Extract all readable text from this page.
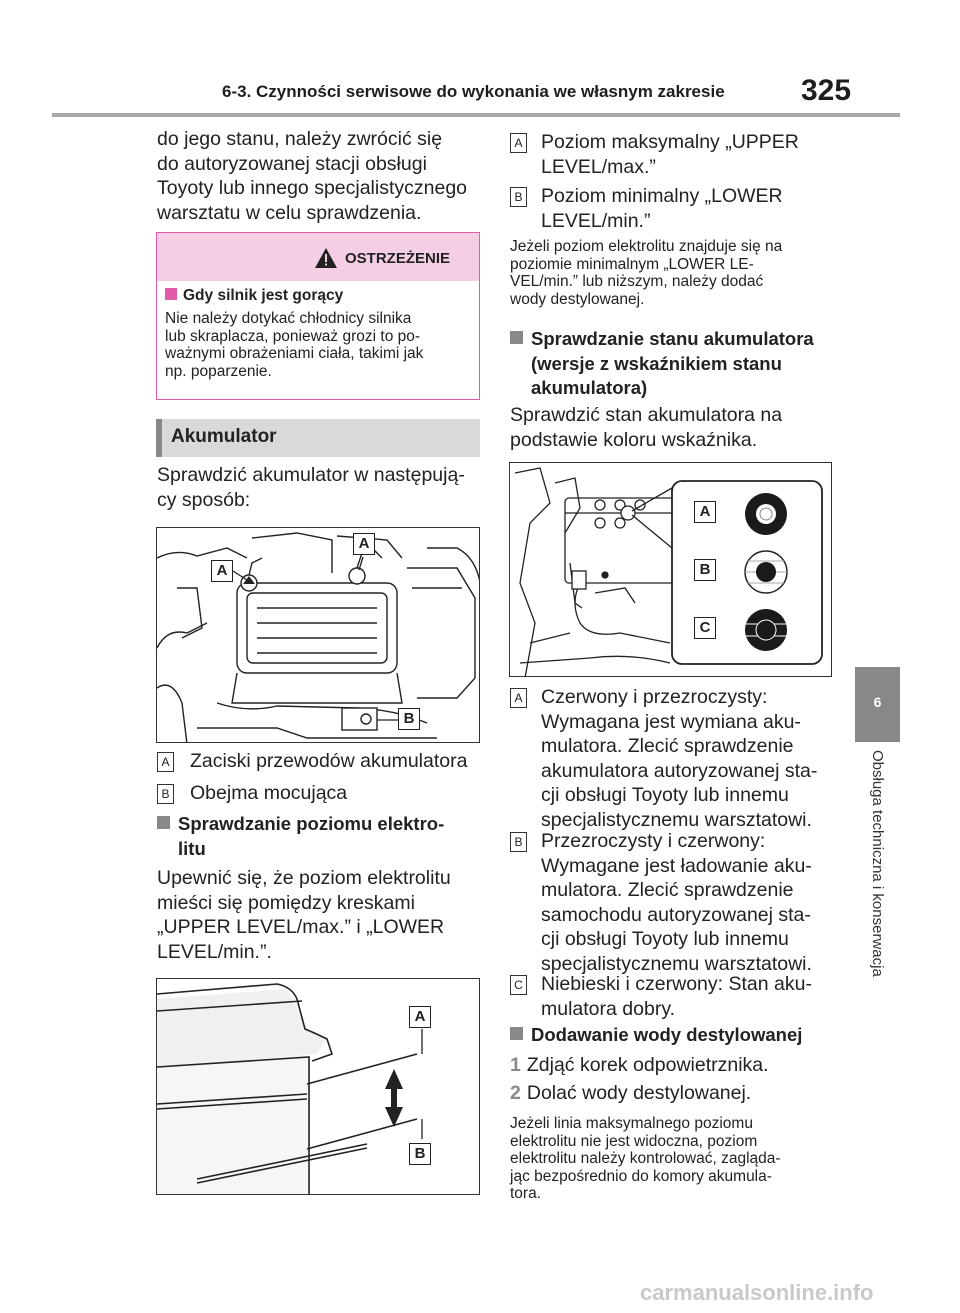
6-3. Czynności serwisowe do wykonania we własnym zakresie	325
6
Obsługa techniczna i konserwacja

do jego stanu, należy zwrócić się

do autoryzowanej stacji obsługi

Toyoty lub innego specjalistycznego

warsztatu w celu sprawdzenia.

OSTRZEŻENIE

Gdy silnik jest gorący

Nie należy dotykać chłodnicy silnika

lub skraplacza, ponieważ grozi to po-

ważnymi obrażeniami ciała, takimi jak

np. poparzenie.

Akumulator

Sprawdzić akumulator w następują-

cy sposób:

A
A
B
A	Zaciski przewodów akumulatora

B	Obejma mocująca

Sprawdzanie poziomu elektro-

litu

Upewnić się, że poziom elektrolitu

mieści się pomiędzy kreskami

„UPPER LEVEL/max.” i „LOWER

LEVEL/min.”.

A
B
A Poziom maksymalny „UPPER

LEVEL/max.”

B Poziom minimalny „LOWER

LEVEL/min.”

Jeżeli poziom elektrolitu znajduje się na

poziomie minimalnym „LOWER LE-

VEL/min.” lub niższym, należy dodać

wody destylowanej.

Sprawdzanie stanu akumulatora

(wersje z wskaźnikiem stanu

akumulatora)

Sprawdzić stan akumulatora na

podstawie koloru wskaźnika.

A
B
C
A Czerwony i przezroczysty:

Wymagana jest wymiana aku-

mulatora. Zlecić sprawdzenie

akumulatora autoryzowanej sta-

cji obsługi Toyoty lub innemu

specjalistycznemu warsztatowi.

B Przezroczysty i czerwony:

Wymagane jest ładowanie aku-

mulatora. Zlecić sprawdzenie

samochodu autoryzowanej sta-

cji obsługi Toyoty lub innemu

specjalistycznemu warsztatowi.

C Niebieski i czerwony: Stan aku-

mulatora dobry.

Dodawanie wody destylowanej

1 Zdjąć korek odpowietrznika.

2 Dolać wody destylowanej.

Jeżeli linia maksymalnego poziomu

elektrolitu nie jest widoczna, poziom

elektrolitu należy kontrolować, zagląda-

jąc bezpośrednio do komory akumula-

tora.

carmanualsonline.info
